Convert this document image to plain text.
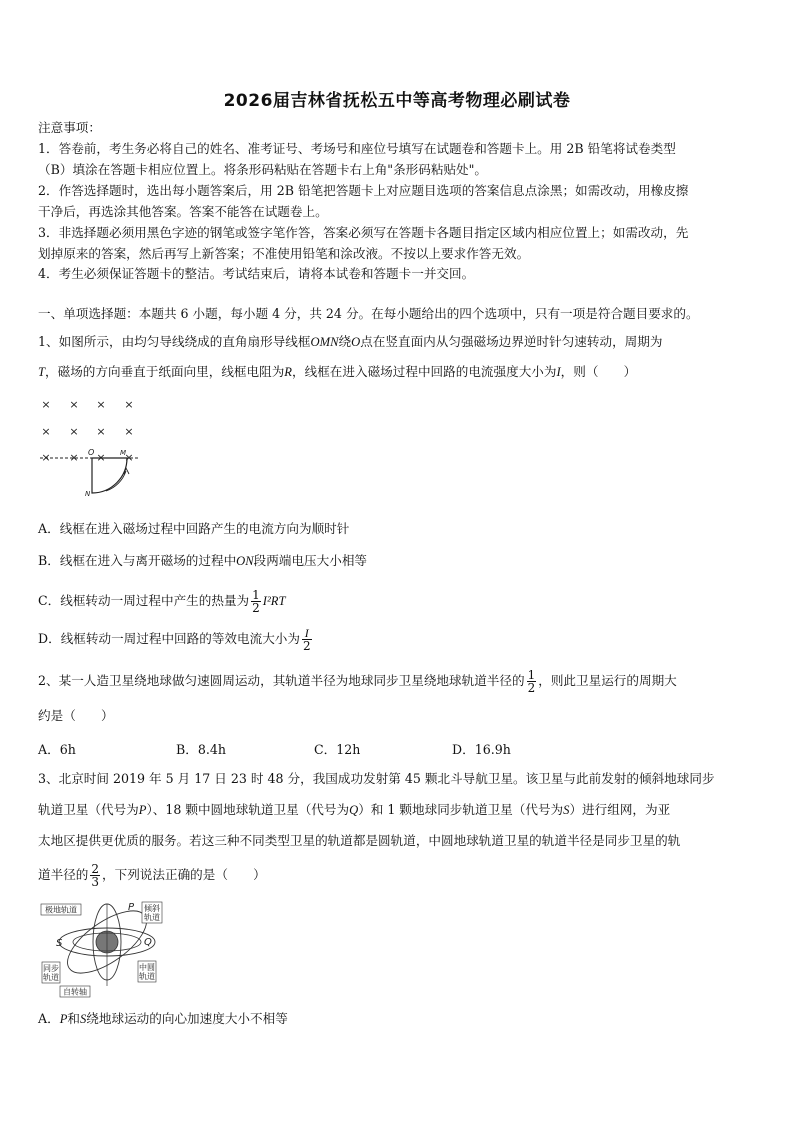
2026届吉林省抚松五中等高考物理必刷试卷
注意事项：
1．答卷前，考生务必将自己的姓名、准考证号、考场号和座位号填写在试题卷和答题卡上。用 2B 铅笔将试卷类型
（B）填涂在答题卡相应位置上。将条形码粘贴在答题卡右上角"条形码粘贴处"。
2．作答选择题时，选出每小题答案后，用 2B 铅笔把答题卡上对应题目选项的答案信息点涂黑；如需改动，用橡皮擦
干净后，再选涂其他答案。答案不能答在试题卷上。
3．非选择题必须用黑色字迹的钢笔或签字笔作答，答案必须写在答题卡各题目指定区域内相应位置上；如需改动，先
划掉原来的答案，然后再写上新答案；不准使用铅笔和涂改液。不按以上要求作答无效。
4．考生必须保证答题卡的整洁。考试结束后，请将本试卷和答题卡一并交回。
一、单项选择题：本题共 6 小题，每小题 4 分，共 24 分。在每小题给出的四个选项中，只有一项是符合题目要求的。
1、如图所示，由均匀导线绕成的直角扇形导线框OMN绕O点在竖直面内从匀强磁场边界逆时针匀速转动，周期为
T，磁场的方向垂直于纸面向里，线框电阻为R，线框在进入磁场过程中回路的电流强度大小为I，则（　　）
× × × ×
× × × ×
× × × ×
O	M
N
A．线框在进入磁场过程中回路产生的电流方向为顺时针
B．线框在进入与离开磁场的过程中ON段两端电压大小相等
C．线框转动一周过程中产生的热量为 $\frac{1}{2} I^2RT$
D．线框转动一周过程中回路的等效电流大小为 $\frac{I}{2}$
2、某一人造卫星绕地球做匀速圆周运动，其轨道半径为地球同步卫星绕地球轨道半径的 $\frac{1}{2}$ ，则此卫星运行的周期大
约是（　　）
A．6h	B．8.4h	C．12h	D．16.9h
3、北京时间 2019 年 5 月 17 日 23 时 48 分，我国成功发射第 45 颗北斗导航卫星。该卫星与此前发射的倾斜地球同步
轨道卫星（代号为P）、18 颗中圆地球轨道卫星（代号为Q）和 1 颗地球同步轨道卫星（代号为S）进行组网，为亚
太地区提供更优质的服务。若这三种不同类型卫星的轨道都是圆轨道，中圆地球轨道卫星的轨道半径是同步卫星的轨
道半径的 $\frac{2}{3}$ ，下列说法正确的是（　　）
极地轨道	倾斜
轨道
同步
轨道
中圆
轨道
自转轴
P
Q
S
A．P和S绕地球运动的向心加速度大小不相等
